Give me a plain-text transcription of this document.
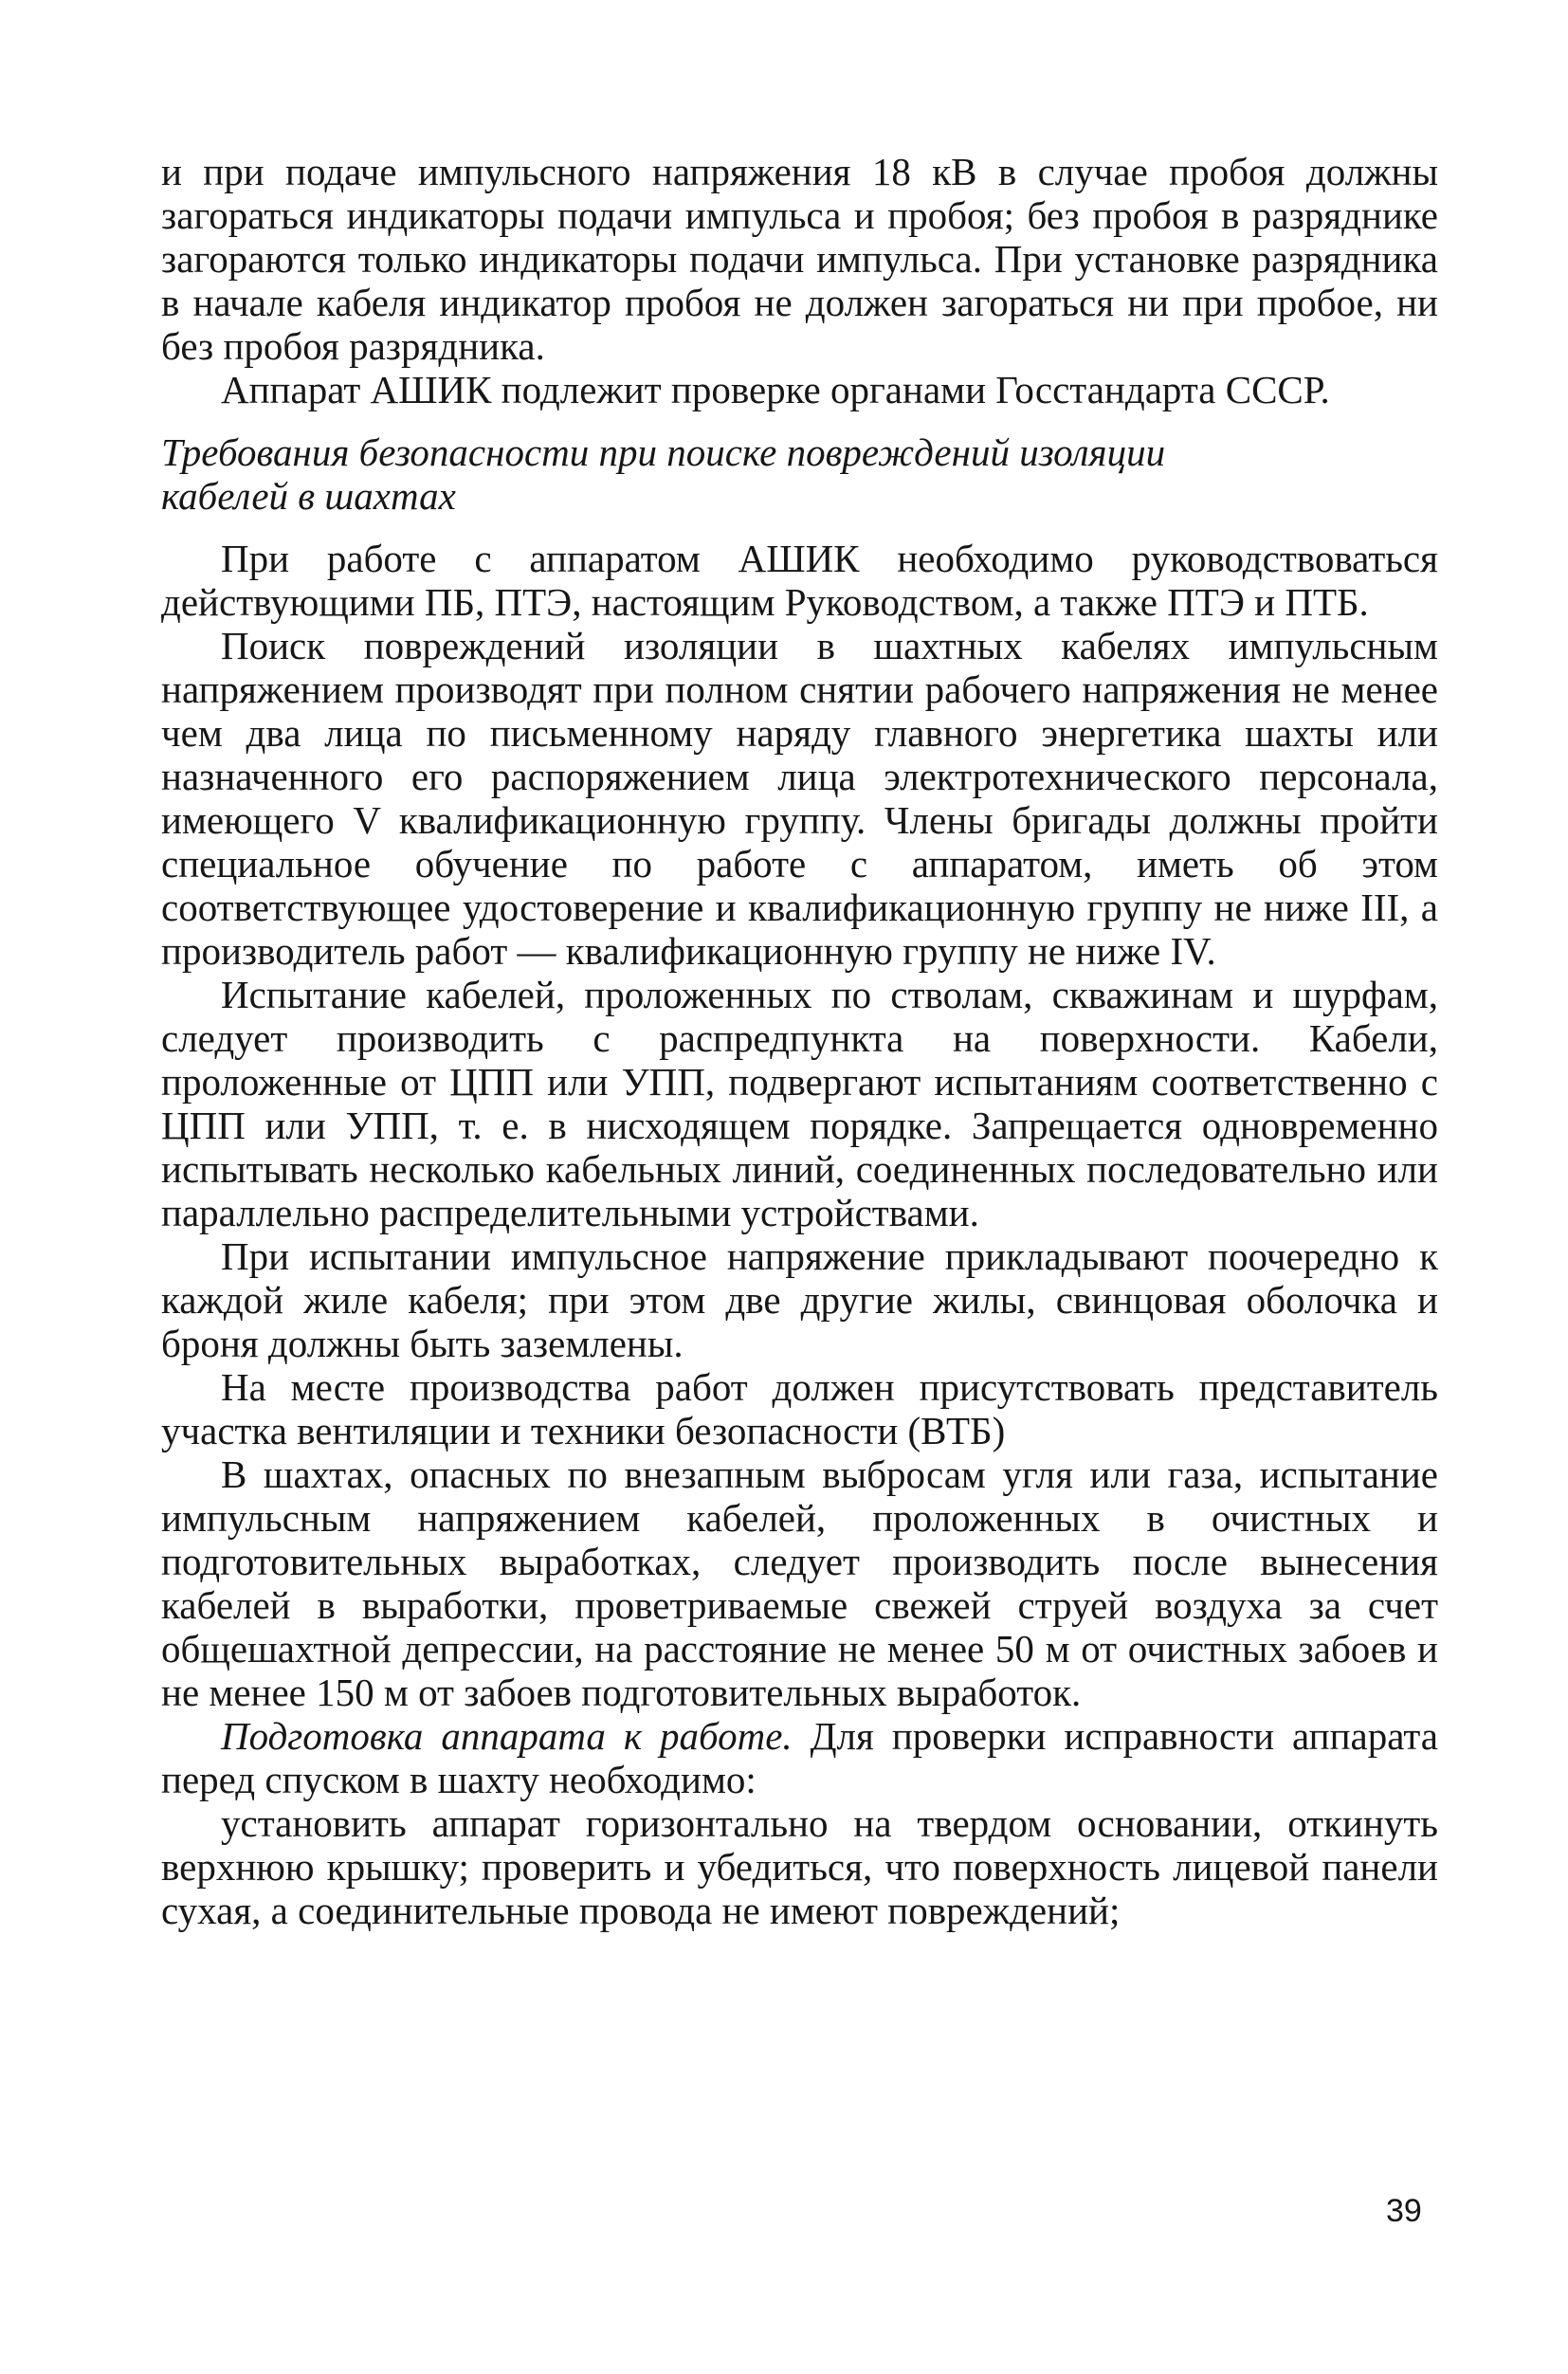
и при подаче импульсного напряжения 18 кВ в случае пробоя должны загораться индикаторы подачи импульса и пробоя; без пробоя в разряднике загораются только индикаторы подачи импульса. При установке разрядника в начале кабеля индикатор пробоя не должен загораться ни при пробое, ни без пробоя разрядника.

Аппарат АШИК подлежит проверке органами Госстандарта СССР.

Требования безопасности при поиске повреждений изоляции кабелей в шахтах

При работе с аппаратом АШИК необходимо руководствоваться действующими ПБ, ПТЭ, настоящим Руководством, а также ПТЭ и ПТБ.

Поиск повреждений изоляции в шахтных кабелях импульсным напряжением производят при полном снятии рабочего напряжения не менее чем два лица по письменному наряду главного энергетика шахты или назначенного его распоряжением лица электротехнического персонала, имеющего V квалификационную группу. Члены бригады должны пройти специальное обучение по работе с аппаратом, иметь об этом соответствующее удостоверение и квалификационную группу не ниже III, а производитель работ — квалификационную группу не ниже IV.

Испытание кабелей, проложенных по стволам, скважинам и шурфам, следует производить с распредпункта на поверхности. Кабели, проложенные от ЦПП или УПП, подвергают испытаниям соответственно с ЦПП или УПП, т. е. в нисходящем порядке. Запрещается одновременно испытывать несколько кабельных линий, соединенных последовательно или параллельно распределительными устройствами.

При испытании импульсное напряжение прикладывают поочередно к каждой жиле кабеля; при этом две другие жилы, свинцовая оболочка и броня должны быть заземлены.

На месте производства работ должен присутствовать представитель участка вентиляции и техники безопасности (ВТБ)

В шахтах, опасных по внезапным выбросам угля или газа, испытание импульсным напряжением кабелей, проложенных в очистных и подготовительных выработках, следует производить после вынесения кабелей в выработки, проветриваемые свежей струей воздуха за счет общешахтной депрессии, на расстояние не менее 50 м от очистных забоев и не менее 150 м от забоев подготовительных выработок.

Подготовка аппарата к работе. Для проверки исправности аппарата перед спуском в шахту необходимо:

установить аппарат горизонтально на твердом основании, откинуть верхнюю крышку; проверить и убедиться, что поверхность лицевой панели сухая, а соединительные провода не имеют повреждений;

39
